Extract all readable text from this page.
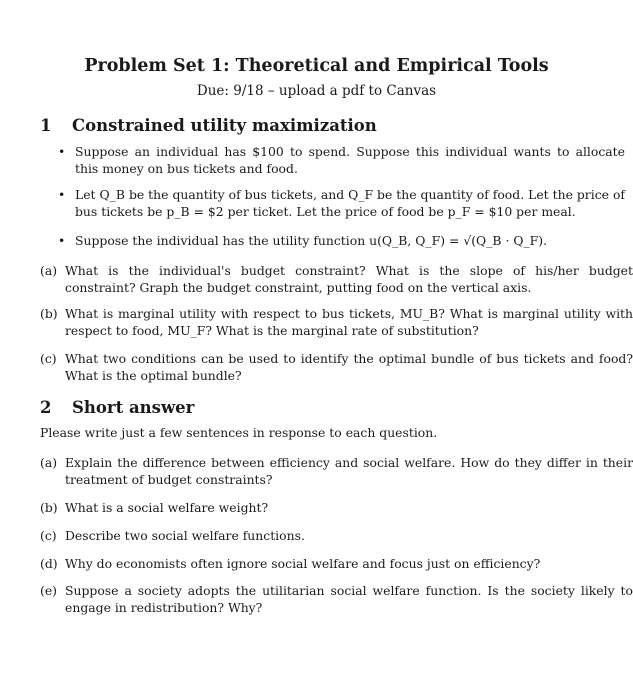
Problem Set 1: Theoretical and Empirical Tools
Due: 9/18 – upload a pdf to Canvas
1 Constrained utility maximization
• Suppose an individual has $100 to spend. Suppose this individual wants to allocate this money on bus tickets and food.
• Let Q_B be the quantity of bus tickets, and Q_F be the quantity of food. Let the price of bus tickets be p_B = $2 per ticket. Let the price of food be p_F = $10 per meal.
• Suppose the individual has the utility function u(Q_B, Q_F) = √(Q_B · Q_F).
(a) What is the individual's budget constraint? What is the slope of his/her budget constraint? Graph the budget constraint, putting food on the vertical axis.
(b) What is marginal utility with respect to bus tickets, MU_B? What is marginal utility with respect to food, MU_F? What is the marginal rate of substitution?
(c) What two conditions can be used to identify the optimal bundle of bus tickets and food? What is the optimal bundle?
2 Short answer
Please write just a few sentences in response to each question.
(a) Explain the difference between efficiency and social welfare. How do they differ in their treatment of budget constraints?
(b) What is a social welfare weight?
(c) Describe two social welfare functions.
(d) Why do economists often ignore social welfare and focus just on efficiency?
(e) Suppose a society adopts the utilitarian social welfare function. Is the society likely to engage in redistribution? Why?
